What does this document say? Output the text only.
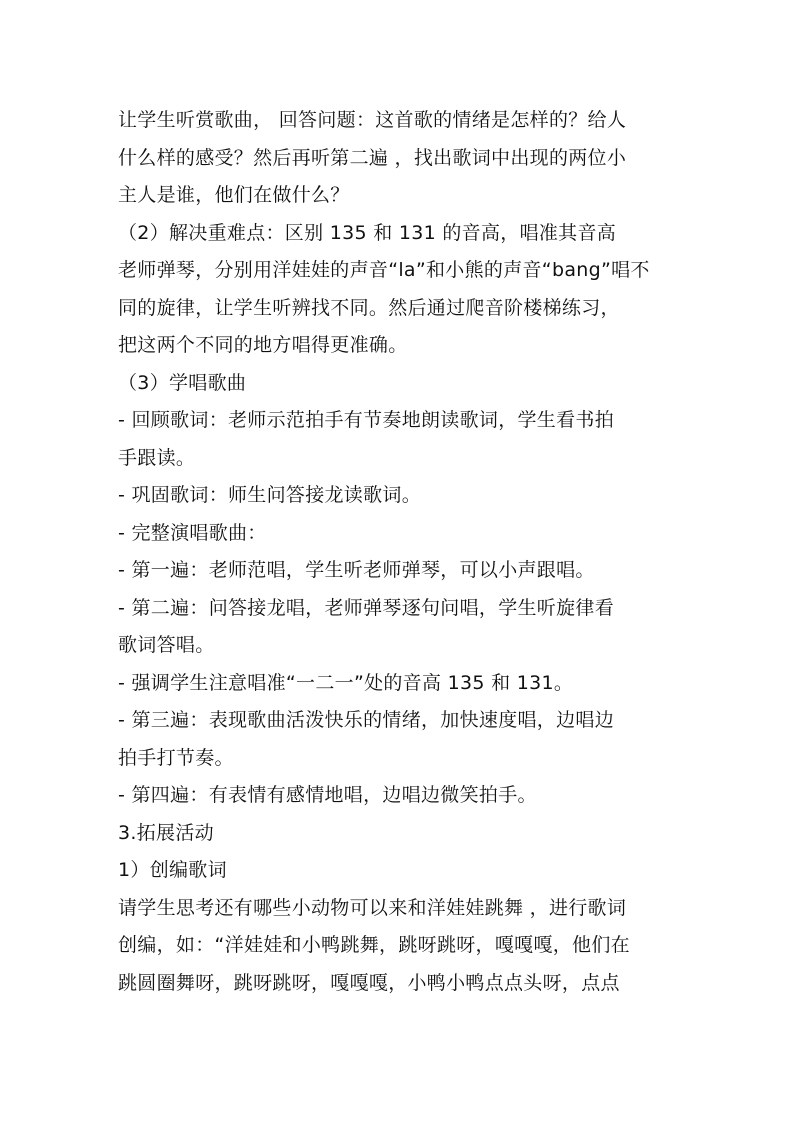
让学生听赏歌曲， 回答问题：这首歌的情绪是怎样的？给人
什么样的感受？然后再听第二遍 ，找出歌词中出现的两位小
主人是谁，他们在做什么？
（2）解决重难点：区别 135 和 131 的音高，唱准其音高
老师弹琴，分别用洋娃娃的声音“la”和小熊的声音“bang”唱不
同的旋律，让学生听辨找不同。然后通过爬音阶楼梯练习，
把这两个不同的地方唱得更准确。
（3）学唱歌曲
- 回顾歌词：老师示范拍手有节奏地朗读歌词，学生看书拍
手跟读。
- 巩固歌词：师生问答接龙读歌词。
- 完整演唱歌曲：
- 第一遍：老师范唱，学生听老师弹琴，可以小声跟唱。
- 第二遍：问答接龙唱，老师弹琴逐句问唱，学生听旋律看
歌词答唱。
- 强调学生注意唱准“一二一”处的音高 135 和 131。
- 第三遍：表现歌曲活泼快乐的情绪，加快速度唱，边唱边
拍手打节奏。
- 第四遍：有表情有感情地唱，边唱边微笑拍手。
3.拓展活动
1）创编歌词
请学生思考还有哪些小动物可以来和洋娃娃跳舞 ，进行歌词
创编，如：“洋娃娃和小鸭跳舞，跳呀跳呀，嘎嘎嘎，他们在
跳圆圈舞呀，跳呀跳呀，嘎嘎嘎，小鸭小鸭点点头呀，点点
